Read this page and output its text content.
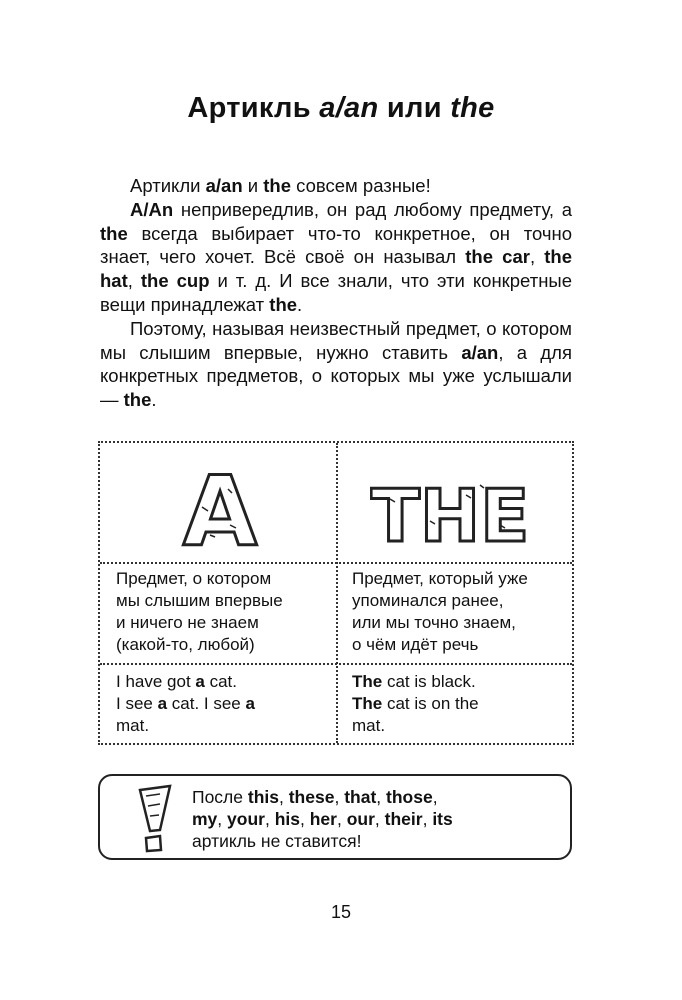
Артикль a/an или the

Артикли a/an и the совсем разные!

A/An непривередлив, он рад любому предмету, а the всегда выбирает что-то конкретное, он точно знает, чего хочет. Всё своё он называл the car, the hat, the cup и т. д. И все знали, что эти конкретные вещи принадлежат the.

Поэтому, называя неизвестный предмет, о котором мы слышим впервые, нужно ставить a/an, а для конкретных предметов, о которых мы уже услышали — the.

A THE
Предмет, о котором
мы слышим впервые
и ничего не знаем
(какой-то, любой)
Предмет, который уже
упоминался ранее,
или мы точно знаем,
о чём идёт речь
I have got a cat.
I see a cat. I see a
mat.
The cat is black.
The cat is on the
mat.
После this, these, that, those,
my, your, his, her, our, their, its
артикль не ставится!
15
